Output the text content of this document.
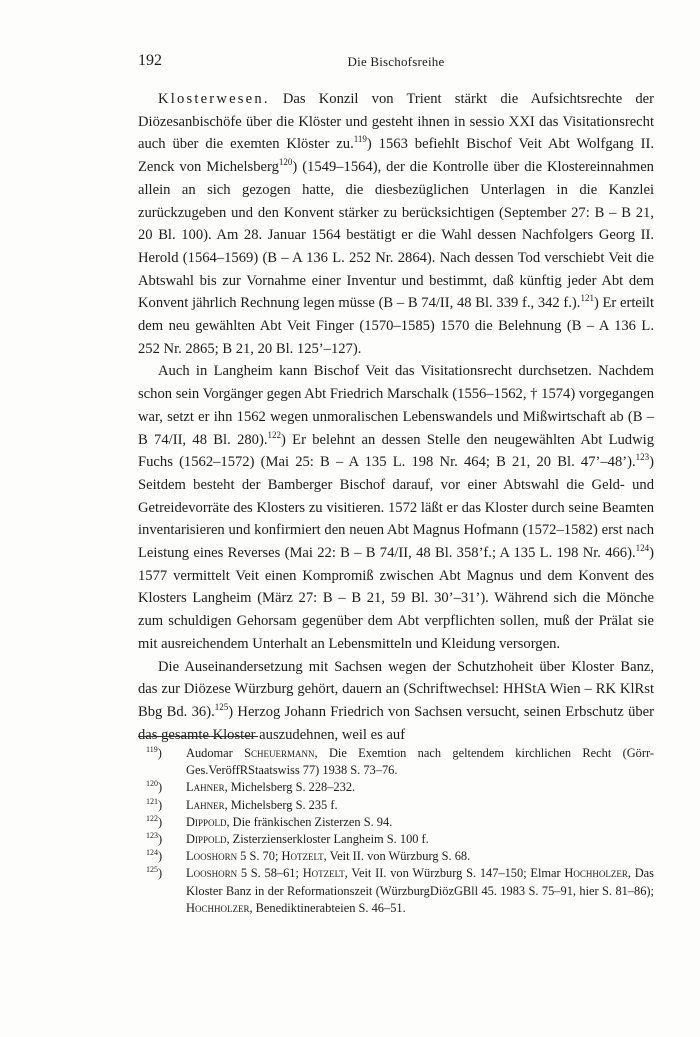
192	Die Bischofsreihe

Klosterwesen. Das Konzil von Trient stärkt die Aufsichtsrechte der Diözesanbischöfe über die Klöster und gesteht ihnen in sessio XXI das Visitationsrecht auch über die exemten Klöster zu.$^{119}$) 1563 befiehlt Bischof Veit Abt Wolfgang II. Zenck von Michelsberg$^{120}$) (1549–1564), der die Kontrolle über die Klostereinnahmen allein an sich gezogen hatte, die diesbezüglichen Unterlagen in die Kanzlei zurückzugeben und den Konvent stärker zu berücksichtigen (September 27: B – B 21, 20 Bl. 100). Am 28. Januar 1564 bestätigt er die Wahl dessen Nachfolgers Georg II. Herold (1564–1569) (B – A 136 L. 252 Nr. 2864). Nach dessen Tod verschiebt Veit die Abtswahl bis zur Vornahme einer Inventur und bestimmt, daß künftig jeder Abt dem Konvent jährlich Rechnung legen müsse (B – B 74/II, 48 Bl. 339 f., 342 f.).$^{121}$) Er erteilt dem neu gewählten Abt Veit Finger (1570–1585) 1570 die Belehnung (B – A 136 L. 252 Nr. 2865; B 21, 20 Bl. 125’–127).

Auch in Langheim kann Bischof Veit das Visitationsrecht durchsetzen. Nachdem schon sein Vorgänger gegen Abt Friedrich Marschalk (1556–1562, † 1574) vorgegangen war, setzt er ihn 1562 wegen unmoralischen Lebenswandels und Mißwirtschaft ab (B – B 74/II, 48 Bl. 280).$^{122}$) Er belehnt an dessen Stelle den neugewählten Abt Ludwig Fuchs (1562–1572) (Mai 25: B – A 135 L. 198 Nr. 464; B 21, 20 Bl. 47’–48’).$^{123}$) Seitdem besteht der Bamberger Bischof darauf, vor einer Abtswahl die Geld- und Getreidevorräte des Klosters zu visitieren. 1572 läßt er das Kloster durch seine Beamten inventarisieren und konfirmiert den neuen Abt Magnus Hofmann (1572–1582) erst nach Leistung eines Reverses (Mai 22: B – B 74/II, 48 Bl. 358’f.; A 135 L. 198 Nr. 466).$^{124}$) 1577 vermittelt Veit einen Kompromiß zwischen Abt Magnus und dem Konvent des Klosters Langheim (März 27: B – B 21, 59 Bl. 30’–31’). Während sich die Mönche zum schuldigen Gehorsam gegenüber dem Abt verpflichten sollen, muß der Prälat sie mit ausreichendem Unterhalt an Lebensmitteln und Kleidung versorgen.

Die Auseinandersetzung mit Sachsen wegen der Schutzhoheit über Kloster Banz, das zur Diözese Würzburg gehört, dauern an (Schriftwechsel: HHStA Wien – RK KlRst Bbg Bd. 36).$^{125}$) Herzog Johann Friedrich von Sachsen versucht, seinen Erbschutz über das gesamte Kloster auszudehnen, weil es auf

$^{119}$) Audomar Scheuermann, Die Exemtion nach geltendem kirchlichen Recht (Görr-Ges.VeröffRStaatswiss 77) 1938 S. 73–76.
$^{120}$) Lahner, Michelsberg S. 228–232.
$^{121}$) Lahner, Michelsberg S. 235 f.
$^{122}$) Dippold, Die fränkischen Zisterzen S. 94.
$^{123}$) Dippold, Zisterzienserkloster Langheim S. 100 f.
$^{124}$) Looshorn 5 S. 70; Hotzelt, Veit II. von Würzburg S. 68.
$^{125}$) Looshorn 5 S. 58–61; Hotzelt, Veit II. von Würzburg S. 147–150; Elmar Hochholzer, Das Kloster Banz in der Reformationszeit (WürzburgDiözGBll 45. 1983 S. 75–91, hier S. 81–86); Hochholzer, Benediktinerabteien S. 46–51.
